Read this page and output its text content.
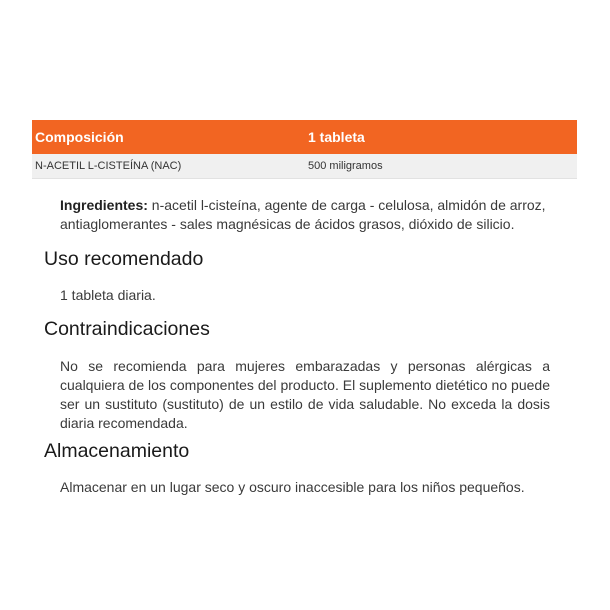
Composición	1 tableta
N-ACETIL L-CISTEÍNA (NAC)	500 miligramos

Ingredientes: n-acetil l-cisteína, agente de carga - celulosa, almidón de arroz, antiaglomerantes - sales magnésicas de ácidos grasos, dióxido de silicio.

Uso recomendado

1 tableta diaria.

Contraindicaciones

No se recomienda para mujeres embarazadas y personas alérgicas a cualquiera de los componentes del producto. El suplemento dietético no puede ser un sustituto (sustituto) de un estilo de vida saludable. No exceda la dosis diaria recomendada.

Almacenamiento

Almacenar en un lugar seco y oscuro inaccesible para los niños pequeños.
